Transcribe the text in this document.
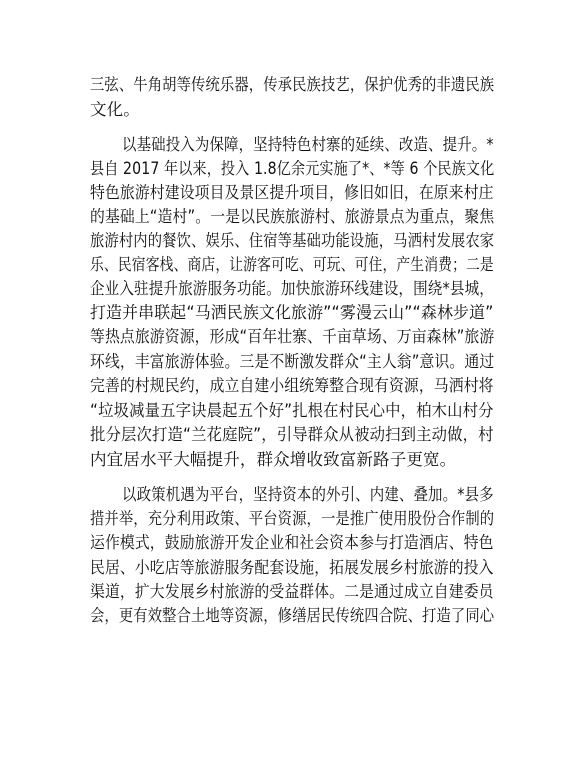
三弦、牛角胡等传统乐器，传承民族技艺，保护优秀的非遗民族
文化。
以基础投入为保障，坚持特色村寨的延续、改造、提升。*
县自 2017 年以来，投入 1.8亿余元实施了*、*等 6 个民族文化
特色旅游村建设项目及景区提升项目，修旧如旧，在原来村庄
的基础上“造村”。一是以民族旅游村、旅游景点为重点，聚焦
旅游村内的餐饮、娱乐、住宿等基础功能设施，马洒村发展农家
乐、民宿客栈、商店，让游客可吃、可玩、可住，产生消费；二是
企业入驻提升旅游服务功能。加快旅游环线建设，围绕*县城，
打造并串联起“马洒民族文化旅游”“雾漫云山”“森林步道”
等热点旅游资源，形成“百年壮寨、千亩草场、万亩森林”旅游
环线，丰富旅游体验。三是不断激发群众“主人翁”意识。通过
完善的村规民约，成立自建小组统筹整合现有资源，马洒村将
“垃圾减量五字诀晨起五个好”扎根在村民心中，柏木山村分
批分层次打造“兰花庭院”，引导群众从被动扫到主动做，村
内宜居水平大幅提升，群众增收致富新路子更宽。
以政策机遇为平台，坚持资本的外引、内建、叠加。*县多
措并举，充分利用政策、平台资源，一是推广使用股份合作制的
运作模式，鼓励旅游开发企业和社会资本参与打造酒店、特色
民居、小吃店等旅游服务配套设施，拓展发展乡村旅游的投入
渠道，扩大发展乡村旅游的受益群体。二是通过成立自建委员
会，更有效整合土地等资源，修缮居民传统四合院、打造了同心
